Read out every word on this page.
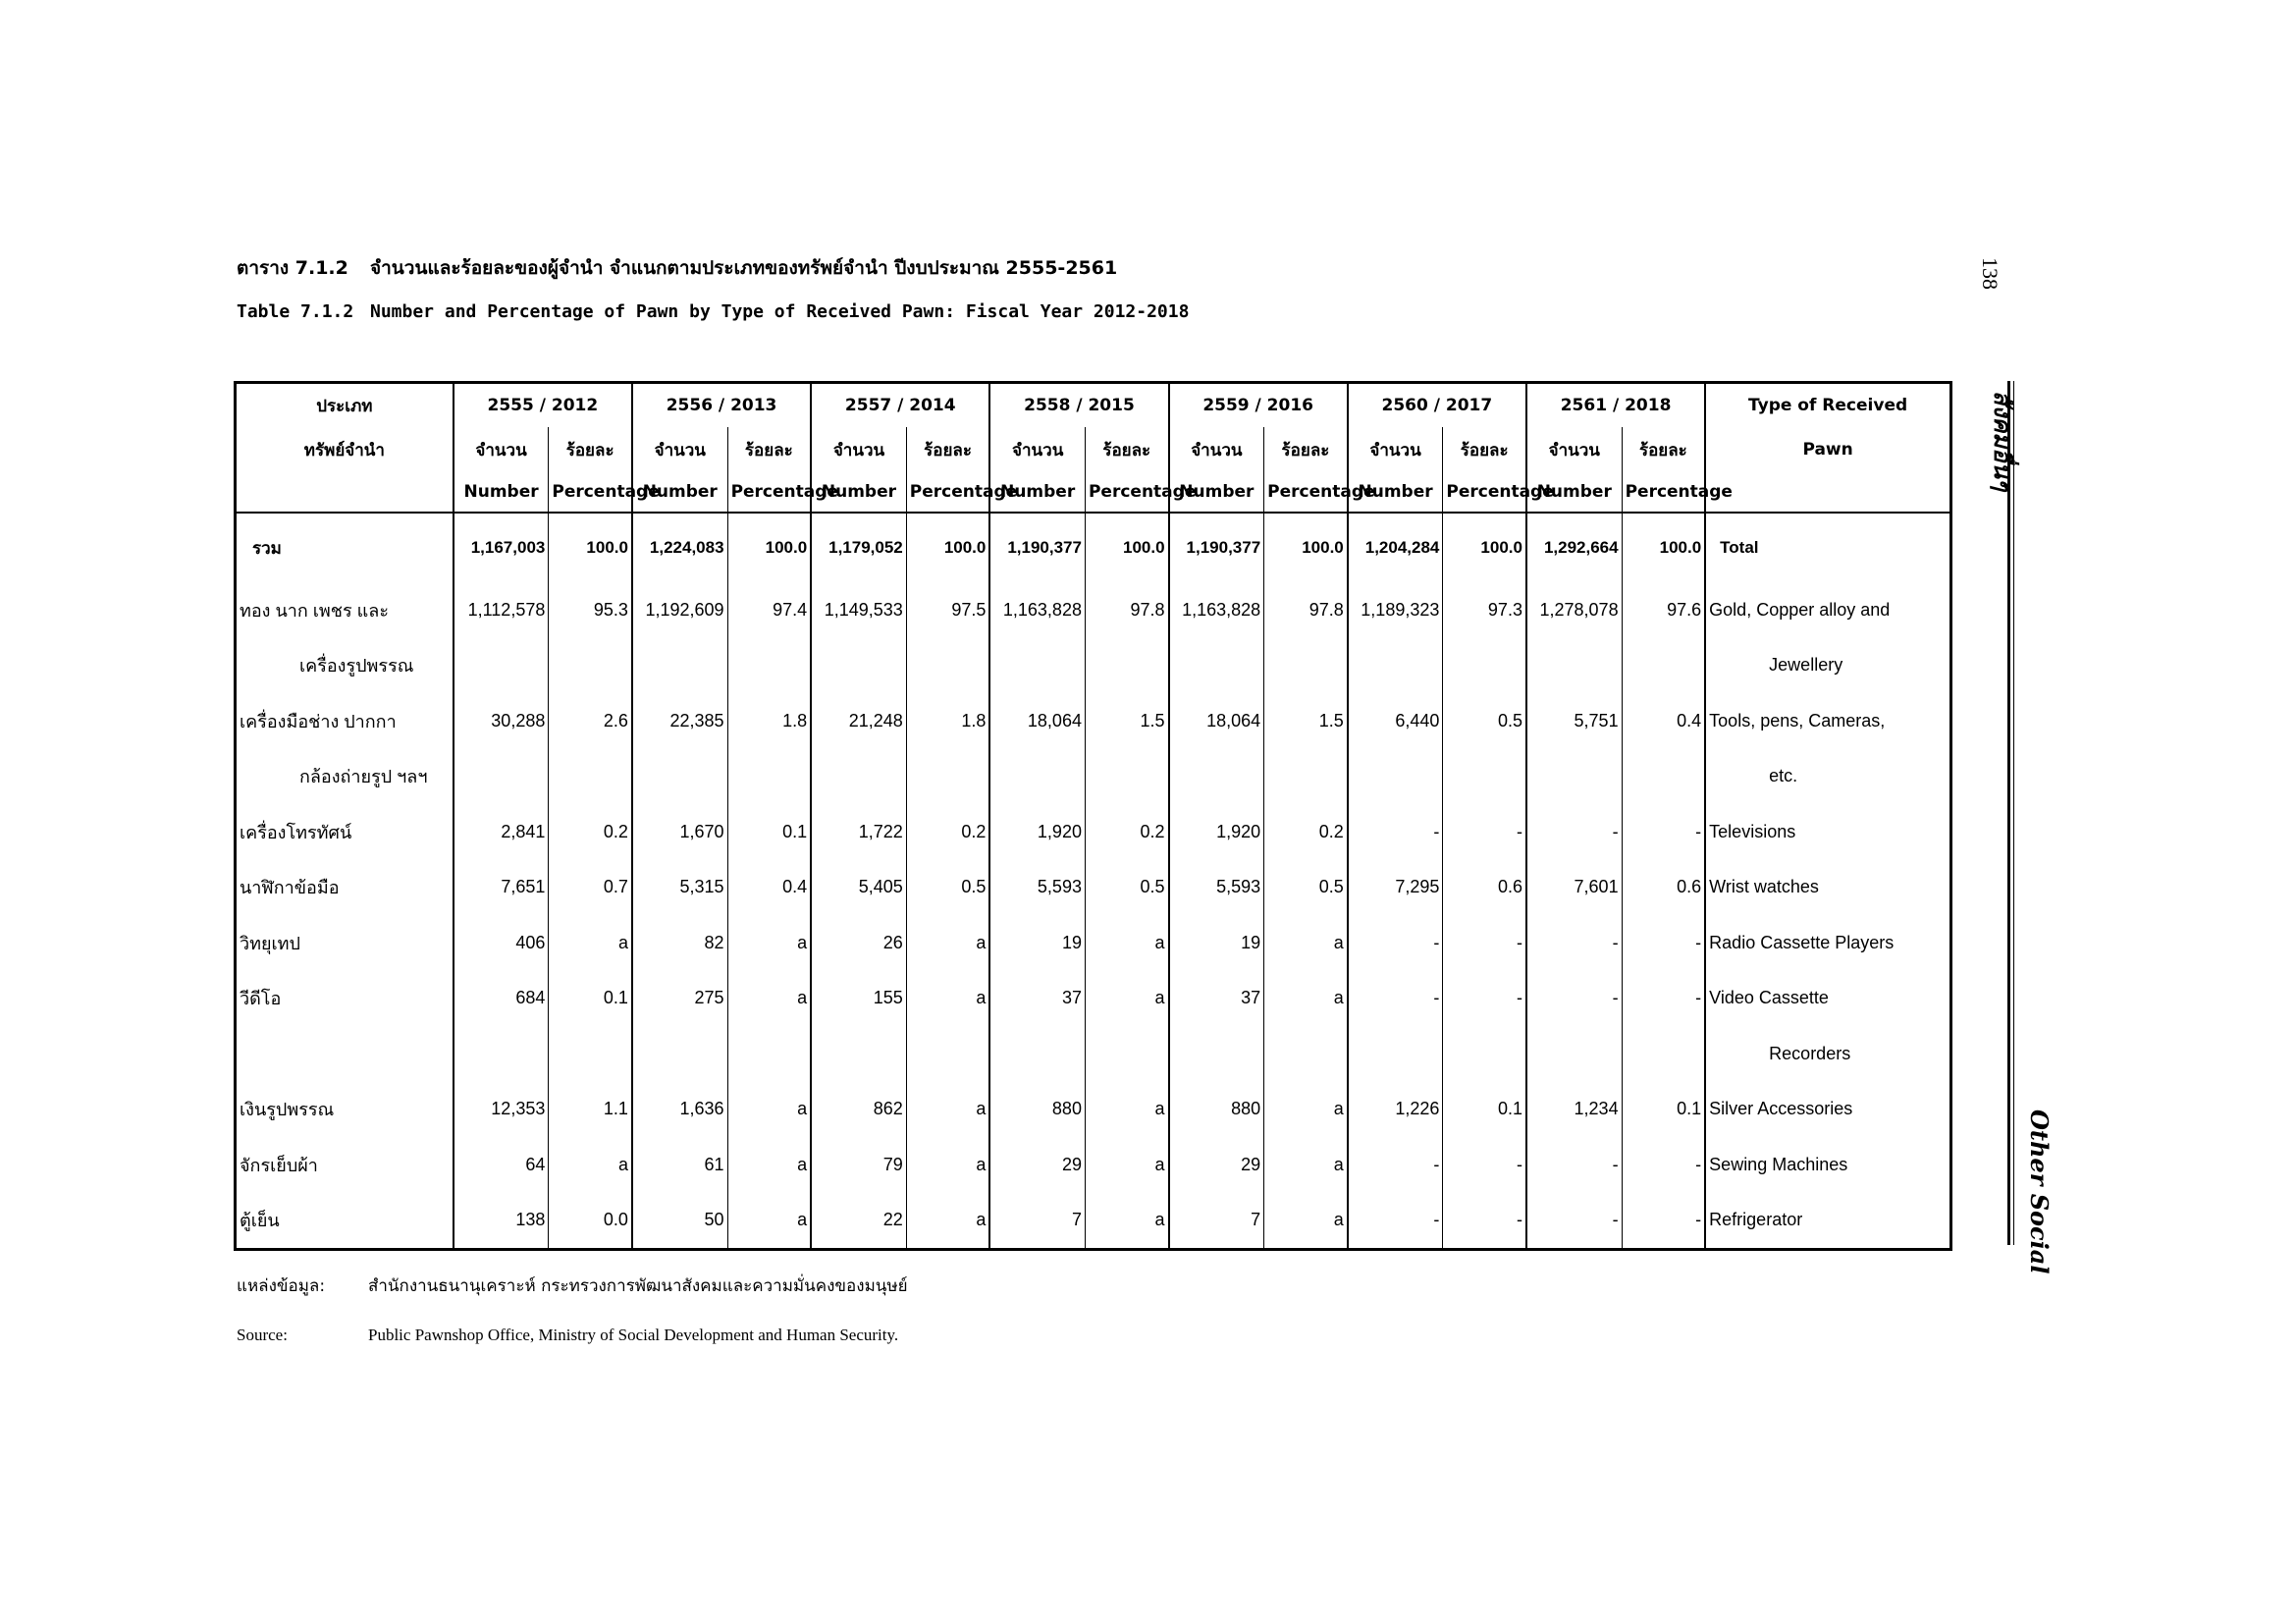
ตาราง 7.1.2 จำนวนและร้อยละของผู้จำนำ จำแนกตามประเภทของทรัพย์จำนำ ปีงบประมาณ 2555-2561
Table 7.1.2 Number and Percentage of Pawn by Type of Received Pawn: Fiscal Year 2012-2018
138
สังคมอื่นๆ
Other Social
ประเภท	2555 / 2012		2556 / 2013		2557 / 2014		2558 / 2015		2559 / 2016		2560 / 2017		2561 / 2018		Type of Received
ทรัพย์จำนำ	จำนวน	ร้อยละ	จำนวน	ร้อยละ	จำนวน	ร้อยละ	จำนวน	ร้อยละ	จำนวน	ร้อยละ	จำนวน	ร้อยละ	จำนวน	ร้อยละ	Pawn
	Number	Percentage	Number	Percentage	Number	Percentage	Number	Percentage	Number	Percentage	Number	Percentage	Number	Percentage	
รวม	1,167,003	100.0	1,224,083	100.0	1,179,052	100.0	1,190,377	100.0	1,190,377	100.0	1,204,284	100.0	1,292,664	100.0	Total
ทอง นาก เพชร และ	1,112,578	95.3	1,192,609	97.4	1,149,533	97.5	1,163,828	97.8	1,163,828	97.8	1,189,323	97.3	1,278,078	97.6	Gold, Copper alloy and
เครื่องรูปพรรณ															Jewellery
เครื่องมือช่าง ปากกา	30,288	2.6	22,385	1.8	21,248	1.8	18,064	1.5	18,064	1.5	6,440	0.5	5,751	0.4	Tools, pens, Cameras,
กล้องถ่ายรูป ฯลฯ															etc.
เครื่องโทรทัศน์	2,841	0.2	1,670	0.1	1,722	0.2	1,920	0.2	1,920	0.2	-	-	-	-	Televisions
นาฬิกาข้อมือ	7,651	0.7	5,315	0.4	5,405	0.5	5,593	0.5	5,593	0.5	7,295	0.6	7,601	0.6	Wrist watches
วิทยุเทป	406	a	82	a	26	a	19	a	19	a	-	-	-	-	Radio Cassette Players
วีดีโอ	684	0.1	275	a	155	a	37	a	37	a	-	-	-	-	Video Cassette
															Recorders
เงินรูปพรรณ	12,353	1.1	1,636	a	862	a	880	a	880	a	1,226	0.1	1,234	0.1	Silver Accessories
จักรเย็บผ้า	64	a	61	a	79	a	29	a	29	a	-	-	-	-	Sewing Machines
ตู้เย็น	138	0.0	50	a	22	a	7	a	7	a	-	-	-	-	Refrigerator
แหล่งข้อมูล:	สำนักงานธนานุเคราะห์ กระทรวงการพัฒนาสังคมและความมั่นคงของมนุษย์
Source:	Public Pawnshop Office, Ministry of Social Development and Human Security.
